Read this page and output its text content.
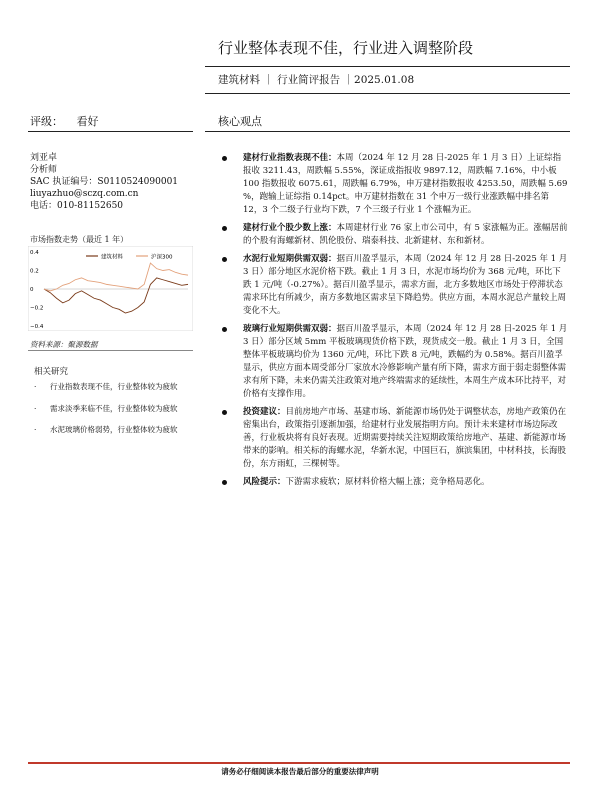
行业整体表现不佳，行业进入调整阶段
建筑材料 ｜ 行业简评报告 ｜2025.01.08
评级： 看好	核心观点
刘亚卓
分析师
SAC 执证编号：S0110524090001
liuyazhuo@sczq.com.cn
电话：010-81152650
市场指数走势（最近 1 年）
0.4
0.2
0
−0.2
−0.4
建筑材料	沪深300
资料来源：聚源数据
相关研究
· 行业指数表现不佳，行业整体较为疲软
· 需求淡季来临不佳，行业整体较为疲软
· 水泥玻璃价格弱势，行业整体较为疲软
建材行业指数表现不佳：本周（2024 年 12 月 28 日-2025 年 1 月 3 日）上证综指报收 3211.43，周跌幅 5.55%，深证成指报收 9897.12，周跌幅 7.16%，中小板 100 指数报收 6075.61，周跌幅 6.79%，申万建材指数报收 4253.50，周跌幅 5.69 %，跑输上证综指 0.14pct。申万建材指数在 31 个申万一级行业涨跌幅中排名第 12，3 个二级子行业均下跌，7 个三级子行业 1 个涨幅为正。
建材行业个股少数上涨：本周建材行业 76 家上市公司中，有 5 家涨幅为正。涨幅居前的个股有海螺新材、凯伦股份、瑞泰科技、北新建材、东和新材。
水泥行业短期供需双弱：据百川盈孚显示，本周（2024 年 12 月 28 日-2025 年 1 月 3 日）部分地区水泥价格下跌。截止 1 月 3 日，水泥市场均价为 368 元/吨，环比下跌 1 元/吨（-0.27%）。据百川盈孚显示，需求方面，北方多数地区市场处于停滞状态需求环比有所减少，南方多数地区需求呈下降趋势。供应方面，本周水泥总产量较上周变化不大。
玻璃行业短期供需双弱：据百川盈孚显示，本周（2024 年 12 月 28 日-2025 年 1 月 3 日）部分区域 5mm 平板玻璃现货价格下跌，现货成交一般。截止 1 月 3 日，全国整体平板玻璃均价为 1360 元/吨，环比下跌 8 元/吨，跌幅约为 0.58%。据百川盈孚显示，供应方面本周受部分厂家放水冷修影响产量有所下降，需求方面于弱走弱整体需求有所下降，未来仍需关注政策对地产终端需求的延续性，本周生产成本环比持平，对价格有支撑作用。
投资建议：目前房地产市场、基建市场、新能源市场仍处于调整状态，房地产政策仍在密集出台，政策指引逐渐加强，给建材行业发展指明方向。预计未来建材市场边际改善，行业板块将有良好表现。近期需要持续关注短期政策给房地产、基建、新能源市场带来的影响。相关标的海螺水泥，华新水泥，中国巨石，旗滨集团，中材科技，长海股份，东方雨虹，三棵树等。
风险提示：下游需求疲软；原材料价格大幅上涨；竞争格局恶化。
请务必仔细阅读本报告最后部分的重要法律声明
